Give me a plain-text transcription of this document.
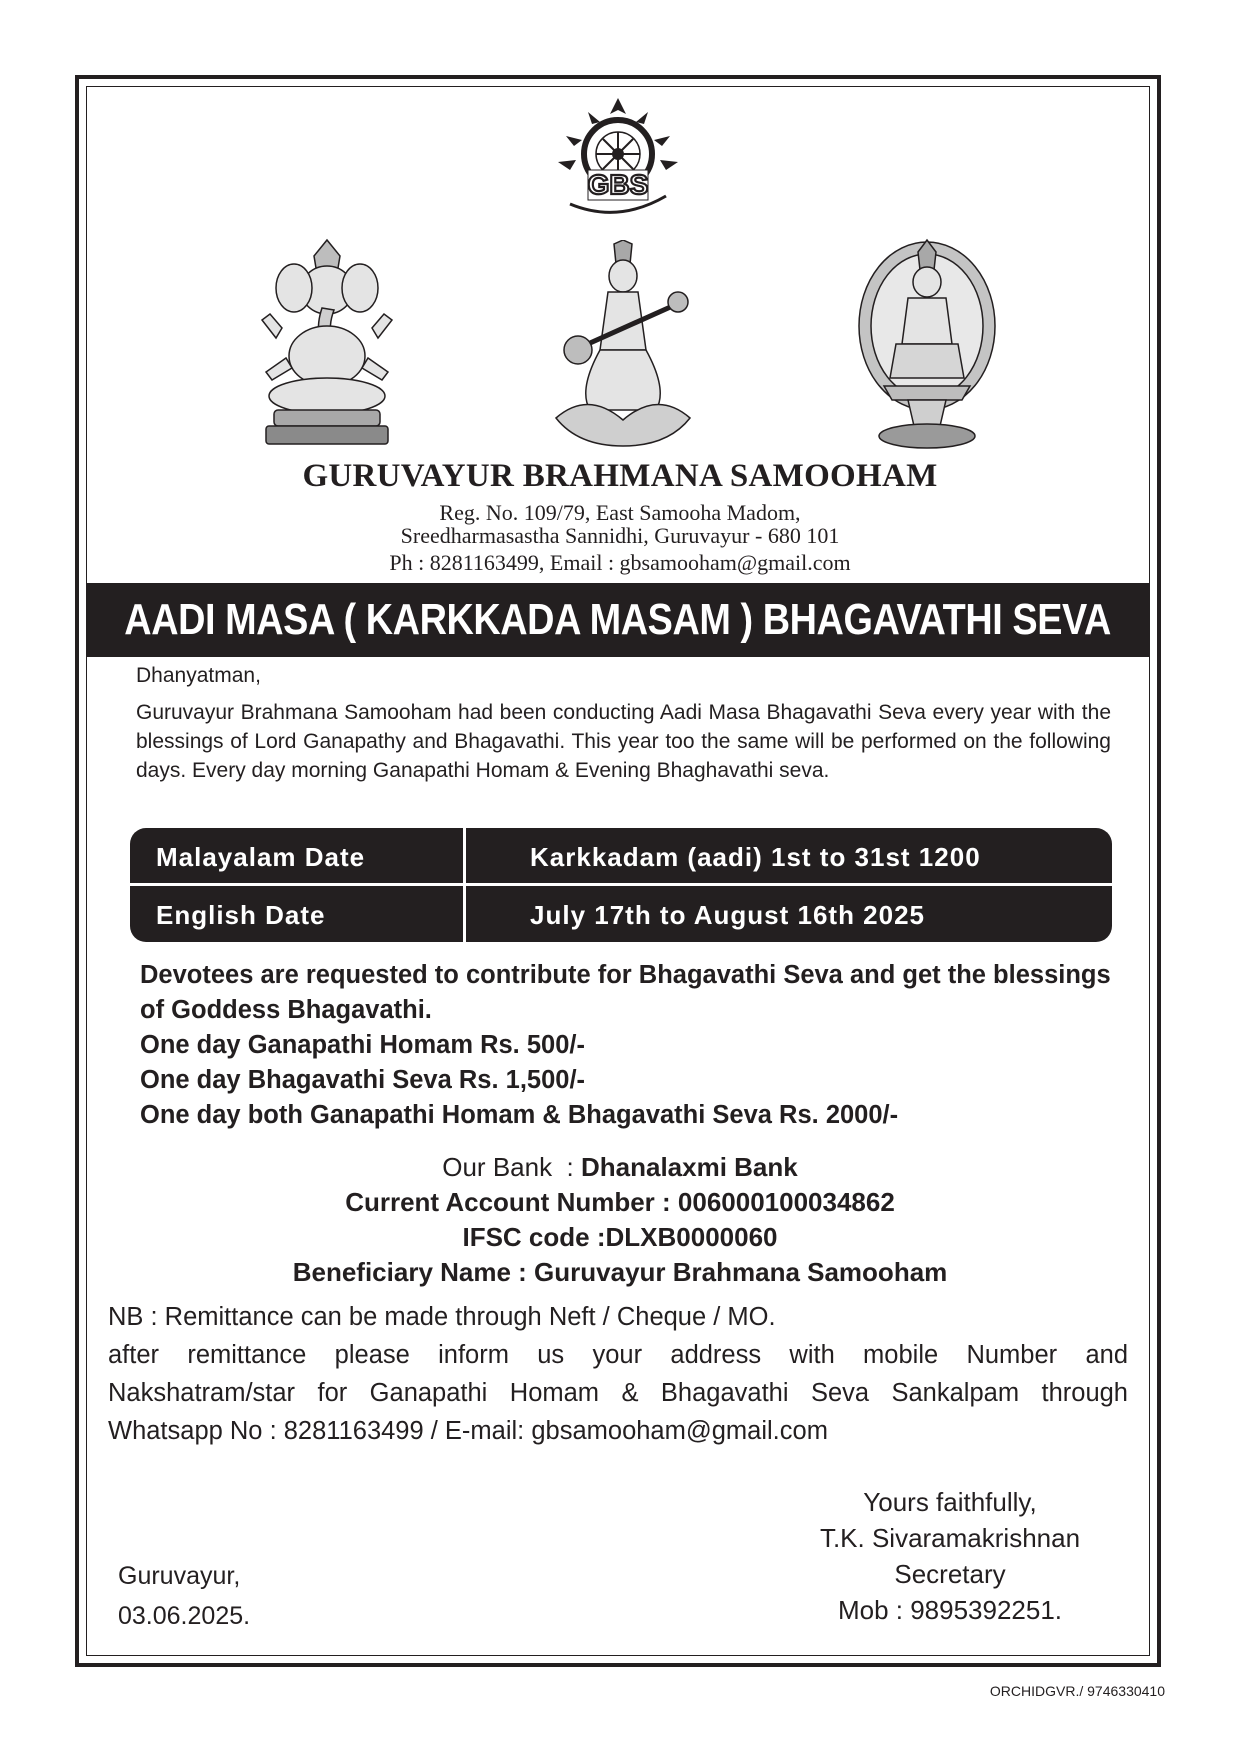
GBS
GURUVAYUR BRAHMANA SAMOOHAM
Reg. No. 109/79, East Samooha Madom,
Sreedharmasastha Sannidhi, Guruvayur - 680 101
Ph : 8281163499, Email : gbsamooham@gmail.com
AADI MASA ( KARKKADA MASAM ) BHAGAVATHI SEVA
Dhanyatman,
Guruvayur Brahmana Samooham had been conducting Aadi Masa Bhagavathi Seva every year with the blessings of Lord Ganapathy and Bhagavathi. This year too the same will be performed on the following days. Every day morning Ganapathi Homam & Evening Bhaghavathi seva.
Malayalam Date	Karkkadam (aadi) 1st to 31st 1200
English Date	July 17th to August 16th 2025
Devotees are requested to contribute for Bhagavathi Seva and get the blessings of Goddess Bhagavathi.
One day Ganapathi Homam Rs. 500/-
One day Bhagavathi Seva Rs. 1,500/-
One day both Ganapathi Homam & Bhagavathi Seva Rs. 2000/-
Our Bank  : Dhanalaxmi Bank
Current Account Number : 006000100034862
IFSC code :DLXB0000060
Beneficiary Name : Guruvayur Brahmana Samooham
NB : Remittance can be made through Neft / Cheque / MO.
after remittance please inform us your address with mobile Number and
Nakshatram/star for Ganapathi Homam & Bhagavathi Seva Sankalpam through
Whatsapp No : 8281163499 / E-mail: gbsamooham@gmail.com
Yours faithfully,
T.K. Sivaramakrishnan
Secretary
Mob : 9895392251.
Guruvayur,
03.06.2025.
ORCHIDGVR./ 9746330410
